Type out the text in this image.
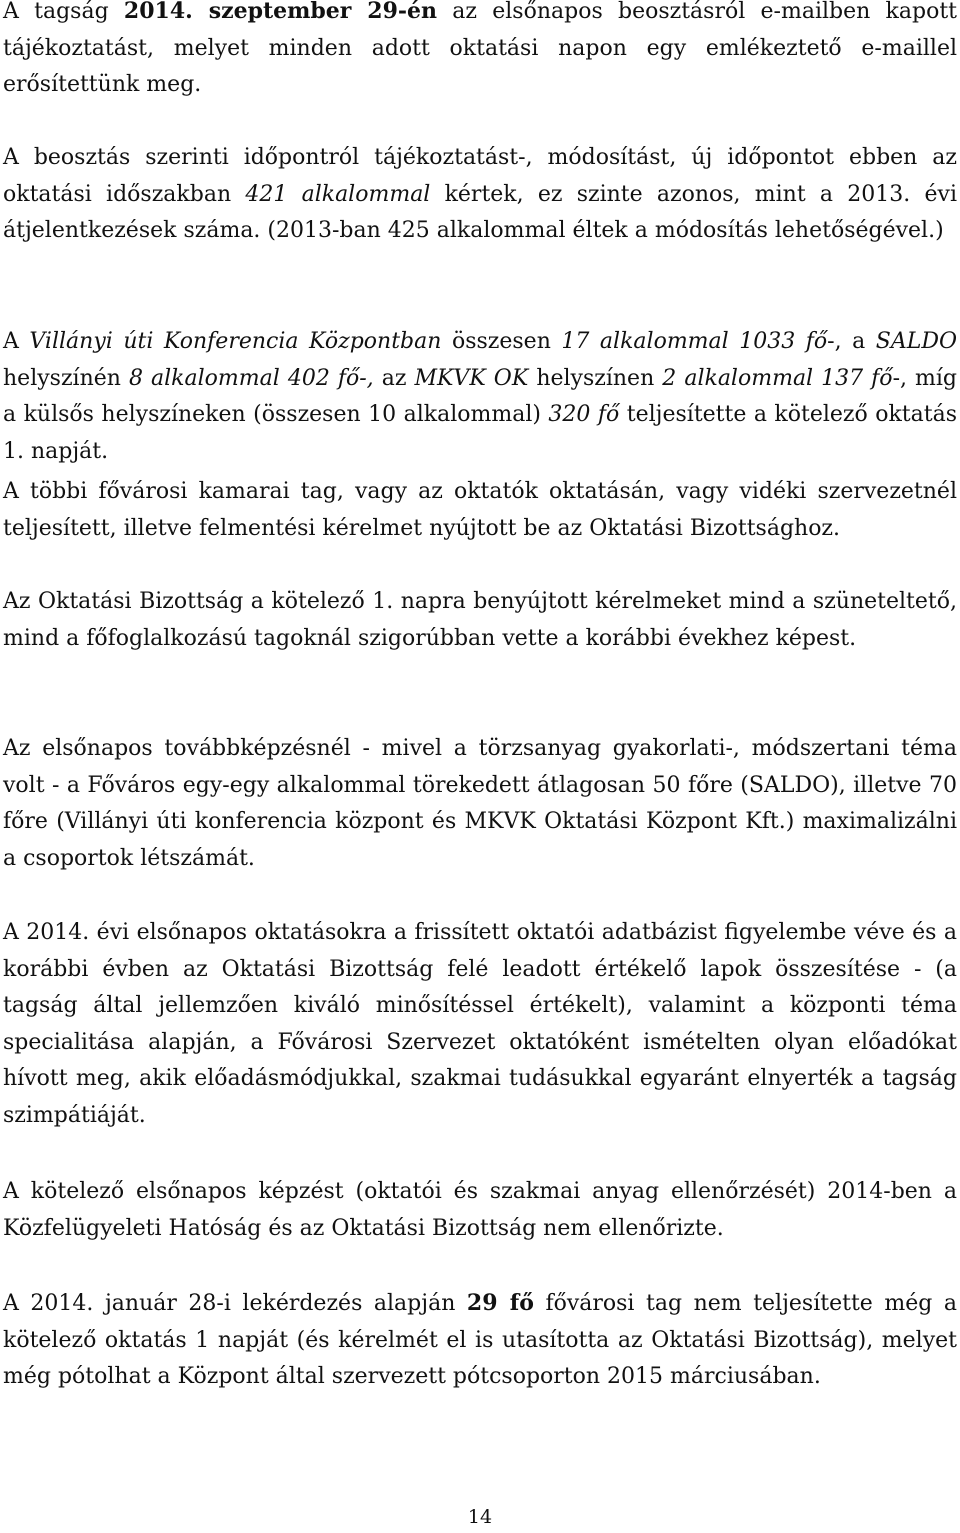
A tagság 2014. szeptember 29-én az elsőnapos beosztásról e-mailben kapott tájékoztatást, melyet minden adott oktatási napon egy emlékeztető e-maillel erősítettünk meg.

A beosztás szerinti időpontról tájékoztatást-, módosítást, új időpontot ebben az oktatási időszakban 421 alkalommal kértek, ez szinte azonos, mint a 2013. évi átjelentkezések száma. (2013-ban 425 alkalommal éltek a módosítás lehetőségével.)

A Villányi úti Konferencia Központban összesen 17 alkalommal 1033 fő-, a SALDO helyszínén 8 alkalommal 402 fő-, az MKVK OK helyszínen 2 alkalommal 137 fő-, míg a külsős helyszíneken (összesen 10 alkalommal) 320 fő teljesítette a kötelező oktatás 1. napját.

A többi fővárosi kamarai tag, vagy az oktatók oktatásán, vagy vidéki szervezetnél teljesített, illetve felmentési kérelmet nyújtott be az Oktatási Bizottsághoz.

Az Oktatási Bizottság a kötelező 1. napra benyújtott kérelmeket mind a szüneteltető, mind a főfoglalkozású tagoknál szigorúbban vette a korábbi évekhez képest.

Az elsőnapos továbbképzésnél - mivel a törzsanyag gyakorlati-, módszertani téma volt - a Főváros egy-egy alkalommal törekedett átlagosan 50 főre (SALDO), illetve 70 főre (Villányi úti konferencia központ és MKVK Oktatási Központ Kft.) maximalizálni a csoportok létszámát.

A 2014. évi elsőnapos oktatásokra a frissített oktatói adatbázist figyelembe véve és a korábbi évben az Oktatási Bizottság felé leadott értékelő lapok összesítése - (a tagság által jellemzően kiváló minősítéssel értékelt), valamint a központi téma specialitása alapján, a Fővárosi Szervezet oktatóként ismételten olyan előadókat hívott meg, akik előadásmódjukkal, szakmai tudásukkal egyaránt elnyerték a tagság szimpátiáját.

A kötelező elsőnapos képzést (oktatói és szakmai anyag ellenőrzését) 2014-ben a Közfelügyeleti Hatóság és az Oktatási Bizottság nem ellenőrizte.

A 2014. január 28-i lekérdezés alapján 29 fő fővárosi tag nem teljesítette még a kötelező oktatás 1 napját (és kérelmét el is utasította az Oktatási Bizottság), melyet még pótolhat a Központ által szervezett pótcsoporton 2015 márciusában.

14
